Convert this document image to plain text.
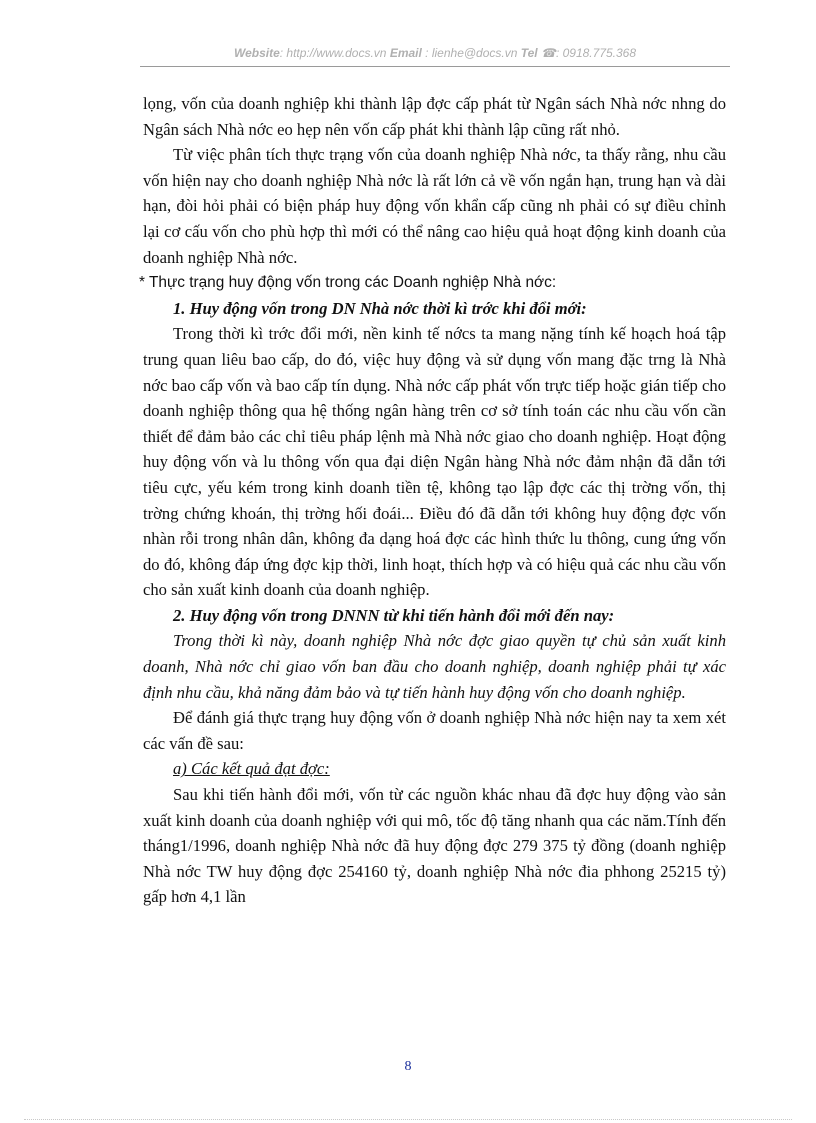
Website: http://www.docs.vn Email : lienhe@docs.vn Tel ☎: 0918.775.368

lọng, vốn của doanh nghiệp khi thành lập đợc cấp phát từ Ngân sách Nhà nớc nhng do Ngân sách Nhà nớc eo hẹp nên vốn cấp phát khi thành lập cũng rất nhỏ.

Từ việc phân tích thực trạng vốn của doanh nghiệp Nhà nớc, ta thấy rằng, nhu cầu vốn hiện nay cho doanh nghiệp Nhà nớc là rất lớn cả về vốn ngắn hạn, trung hạn và dài hạn, đòi hỏi phải có biện pháp huy động vốn khẩn cấp cũng nh phải có sự điều chỉnh lại cơ cấu vốn cho phù hợp thì mới có thể nâng cao hiệu quả hoạt động kinh doanh của doanh nghiệp Nhà nớc.

* Thực trạng huy động vốn trong các Doanh nghiệp Nhà nớc:

1. Huy động vốn trong DN Nhà nớc thời kì trớc khi đổi mới:

Trong thời kì trớc đổi mới, nền kinh tế nớcs ta mang nặng tính kế hoạch hoá tập trung quan liêu bao cấp, do đó, việc huy động và sử dụng vốn mang đặc trng là Nhà nớc bao cấp vốn và bao cấp tín dụng. Nhà nớc cấp phát vốn trực tiếp hoặc gián tiếp cho doanh nghiệp thông qua hệ thống ngân hàng trên cơ sở tính toán các nhu cầu vốn cần thiết để đảm bảo các chỉ tiêu pháp lệnh mà Nhà nớc giao cho doanh nghiệp. Hoạt động huy động vốn và lu thông vốn qua đại diện Ngân hàng Nhà nớc đảm nhận đã dẫn tới tiêu cực, yếu kém trong kinh doanh tiền tệ, không tạo lập đợc các thị trờng vốn, thị trờng chứng khoán, thị trờng hối đoái... Điều đó đã dẫn tới không huy động đợc vốn nhàn rỗi trong nhân dân, không đa dạng hoá đợc các hình thức lu thông, cung ứng vốn do đó, không đáp ứng đợc kịp thời, linh hoạt, thích hợp và có hiệu quả các nhu cầu vốn cho sản xuất kinh doanh của doanh nghiệp.

2. Huy động vốn trong DNNN từ khi tiến hành đổi mới đến nay:

Trong thời kì này, doanh nghiệp Nhà nớc đợc giao quyền tự chủ sản xuất kinh doanh, Nhà nớc chỉ giao vốn ban đầu cho doanh nghiệp, doanh nghiệp phải tự xác định nhu cầu, khả năng đảm bảo và tự tiến hành huy động vốn cho doanh nghiệp.

Để đánh giá thực trạng huy động vốn ở doanh nghiệp Nhà nớc hiện nay ta xem xét các vấn đề sau:

a) Các kết quả đạt đợc:

Sau khi tiến hành đổi mới, vốn từ các nguồn khác nhau đã đợc huy động vào sản xuất kinh doanh của doanh nghiệp với qui mô, tốc độ tăng nhanh qua các năm.Tính đến tháng1/1996, doanh nghiệp Nhà nớc đã huy động đợc 279 375 tỷ đồng (doanh nghiệp Nhà nớc TW huy động đợc 254160 tỷ, doanh nghiệp Nhà nớc đia phhong 25215 tỷ) gấp hơn 4,1 lần

8
